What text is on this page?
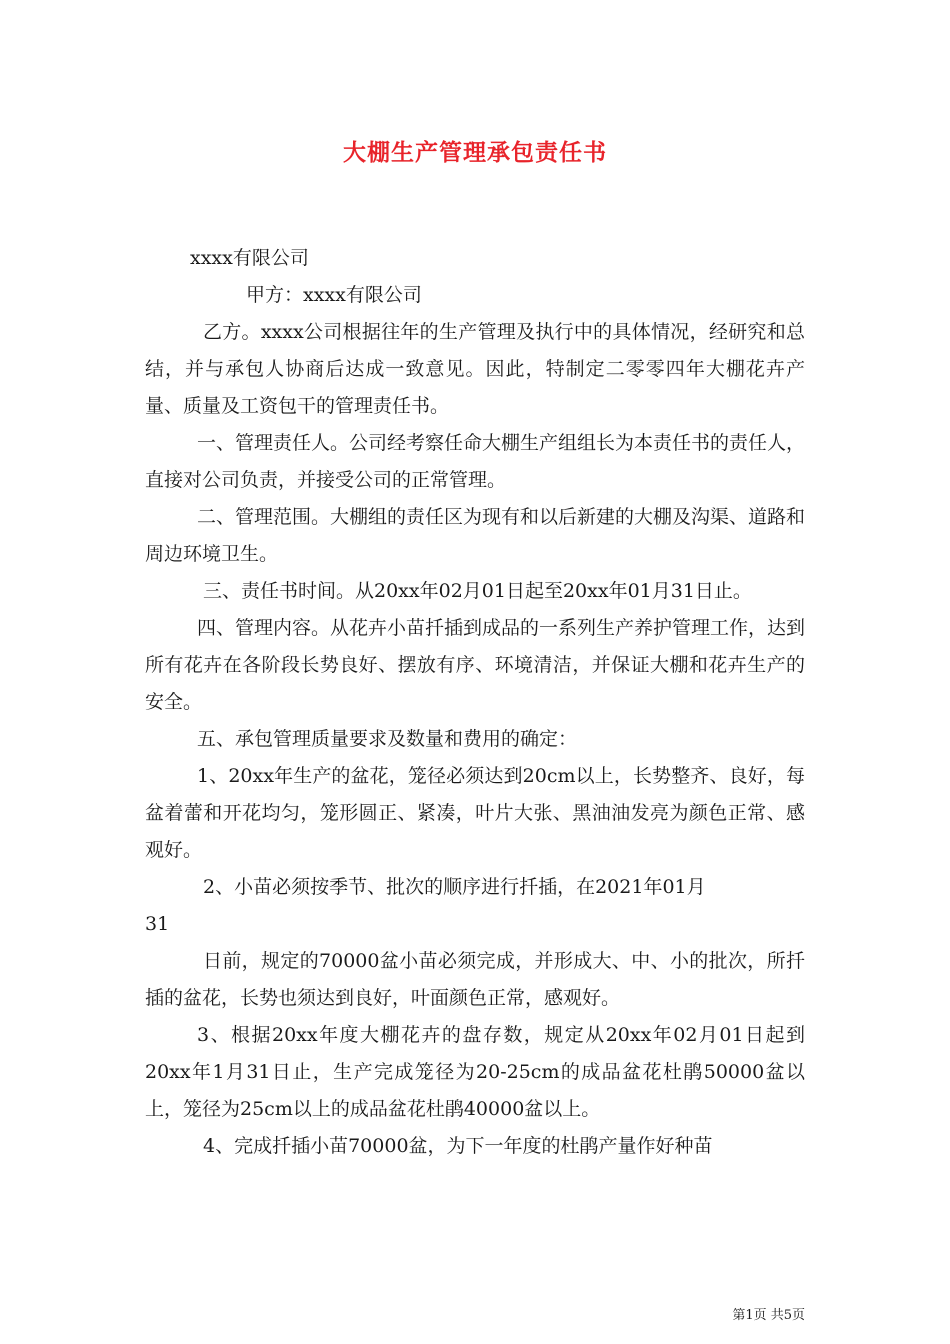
大棚生产管理承包责任书

xxxx有限公司

甲方：xxxx有限公司

乙方。xxxx公司根据往年的生产管理及执行中的具体情况，经研究和总结，并与承包人协商后达成一致意见。因此，特制定二零零四年大棚花卉产量、质量及工资包干的管理责任书。

一、管理责任人。公司经考察任命大棚生产组组长为本责任书的责任人，直接对公司负责，并接受公司的正常管理。

二、管理范围。大棚组的责任区为现有和以后新建的大棚及沟渠、道路和周边环境卫生。

三、责任书时间。从20xx年02月01日起至20xx年01月31日止。

四、管理内容。从花卉小苗扦插到成品的一系列生产养护管理工作，达到所有花卉在各阶段长势良好、摆放有序、环境清洁，并保证大棚和花卉生产的安全。

五、承包管理质量要求及数量和费用的确定：

1、20xx年生产的盆花，笼径必须达到20cm以上，长势整齐、良好，每盆着蕾和开花均匀，笼形圆正、紧凑，叶片大张、黑油油发亮为颜色正常、感观好。

2、小苗必须按季节、批次的顺序进行扦插，在2021年01月

31

日前，规定的70000盆小苗必须完成，并形成大、中、小的批次，所扦插的盆花，长势也须达到良好，叶面颜色正常，感观好。

3、根据20xx年度大棚花卉的盘存数，规定从20xx年02月01日起到20xx年1月31日止，生产完成笼径为20-25cm的成品盆花杜鹃50000盆以上，笼径为25cm以上的成品盆花杜鹃40000盆以上。

4、完成扦插小苗70000盆，为下一年度的杜鹃产量作好种苗

第1页 共5页
